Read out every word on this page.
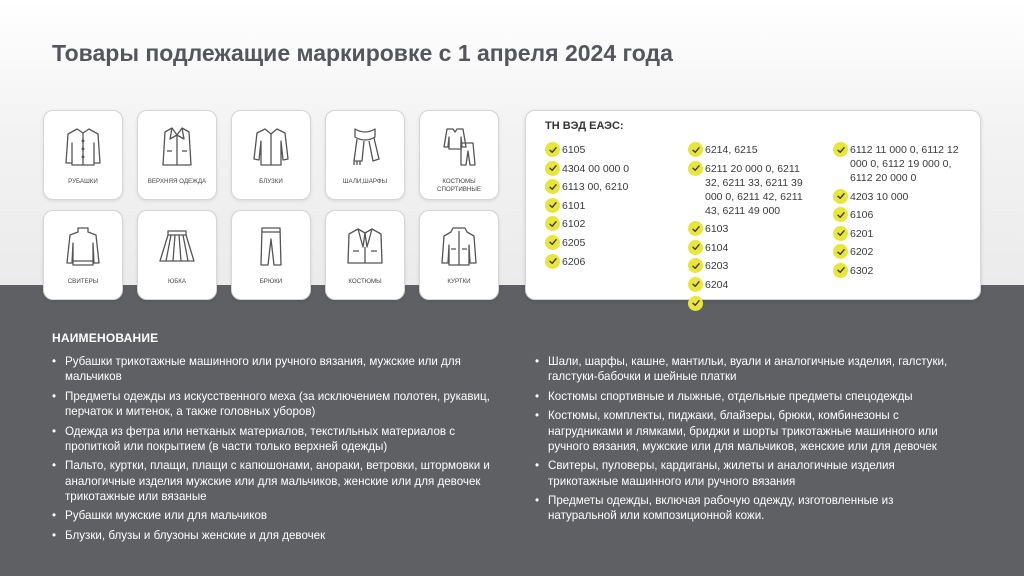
Товары подлежащие маркировке с 1 апреля 2024 года
РУБАШКИ	ВЕРХНЯЯ ОДЕЖДА	БЛУЗКИ	ШАЛИ,ШАРФЫ	КОСТЮМЫ СПОРТИВНЫЕ
СВИТЕРЫ	ЮБКА	БРЮКИ	КОСТЮМЫ	КУРТКИ
ТН ВЭД ЕАЭС:
6105
4304 00 000 0
6113 00, 6210
6101
6102
6205
6206
6214, 6215
6211 20 000 0, 6211 32, 6211 33, 6211 39 000 0, 6211 42, 6211 43, 6211 49 000
6103
6104
6203
6204
6112 11 000 0, 6112 12 000 0, 6112 19 000 0, 6112 20 000 0
4203 10 000
6106
6201
6202
6302
НАИМЕНОВАНИЕ
• Рубашки трикотажные машинного или ручного вязания, мужские или для мальчиков
• Предметы одежды из искусственного меха (за исключением полотен, рукавиц, перчаток и митенок, а также головных уборов)
• Одежда из фетра или нетканых материалов, текстильных материалов с пропиткой или покрытием (в части только верхней одежды)
• Пальто, куртки, плащи, плащи с капюшонами, анораки, ветровки, штормовки и аналогичные изделия мужские или для мальчиков, женские или для девочек трикотажные или вязаные
• Рубашки мужские или для мальчиков
• Блузки, блузы и блузоны женские и для девочек
• Шали, шарфы, кашне, мантильи, вуали и аналогичные изделия, галстуки, галстуки-бабочки и шейные платки
• Костюмы спортивные и лыжные, отдельные предметы спецодежды
• Костюмы, комплекты, пиджаки, блайзеры, брюки, комбинезоны с нагрудниками и лямками, бриджи и шорты трикотажные машинного или ручного вязания, мужские или для мальчиков, женские или для девочек
• Свитеры, пуловеры, кардиганы, жилеты и аналогичные изделия трикотажные машинного или ручного вязания
• Предметы одежды, включая рабочую одежду, изготовленные из натуральной или композиционной кожи.
